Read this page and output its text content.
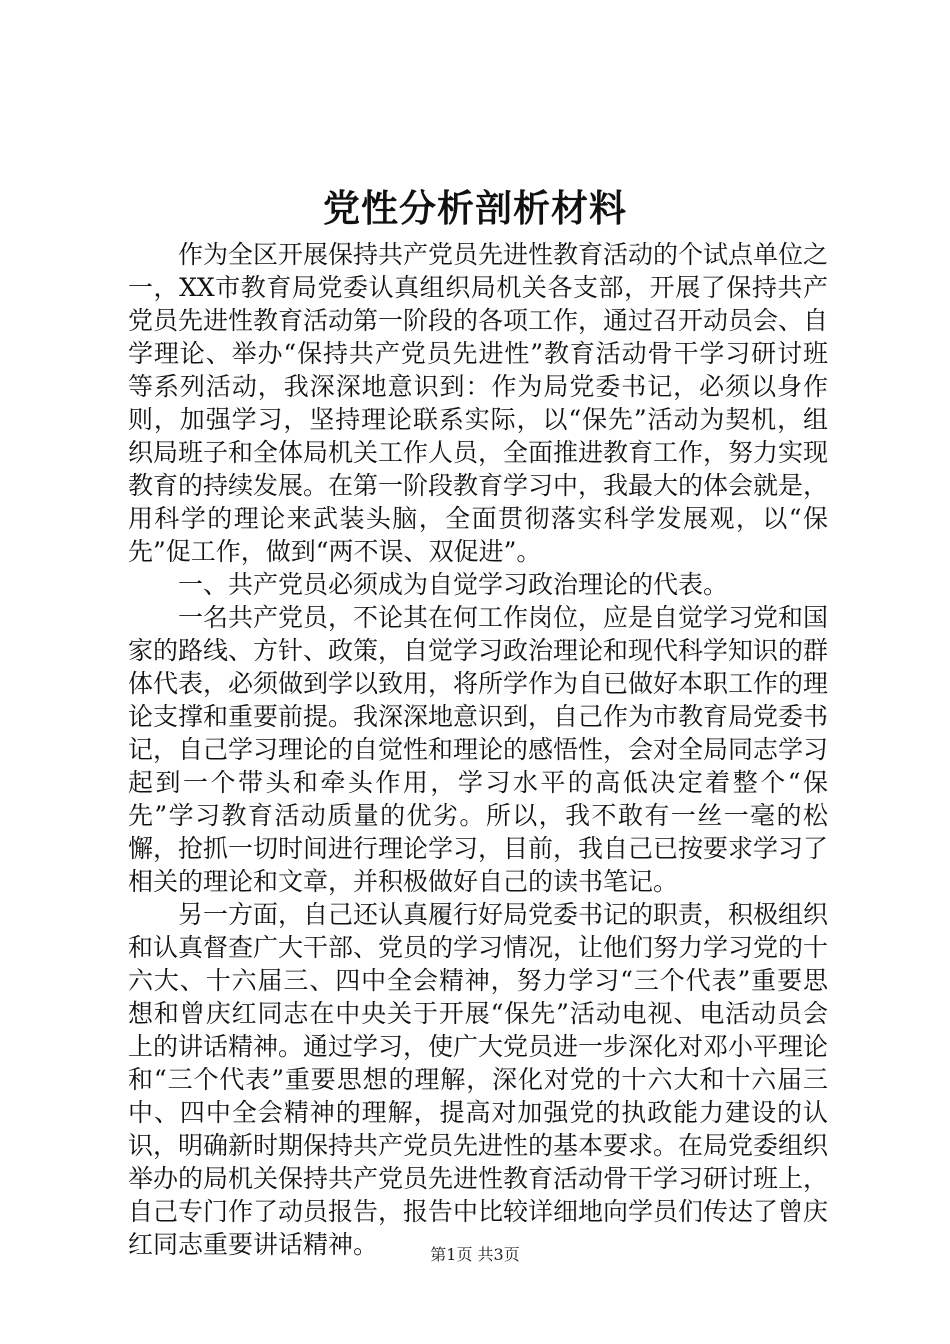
党性分析剖析材料

作为全区开展保持共产党员先进性教育活动的个试点单位之一，XX市教育局党委认真组织局机关各支部，开展了保持共产党员先进性教育活动第一阶段的各项工作，通过召开动员会、自学理论、举办“保持共产党员先进性”教育活动骨干学习研讨班等系列活动，我深深地意识到：作为局党委书记，必须以身作则，加强学习，坚持理论联系实际，以“保先”活动为契机，组织局班子和全体局机关工作人员，全面推进教育工作，努力实现教育的持续发展。在第一阶段教育学习中，我最大的体会就是，用科学的理论来武装头脑，全面贯彻落实科学发展观，以“保先”促工作，做到“两不误、双促进”。

一、共产党员必须成为自觉学习政治理论的代表。

一名共产党员，不论其在何工作岗位，应是自觉学习党和国家的路线、方针、政策，自觉学习政治理论和现代科学知识的群体代表，必须做到学以致用，将所学作为自已做好本职工作的理论支撑和重要前提。我深深地意识到，自己作为市教育局党委书记，自己学习理论的自觉性和理论的感悟性，会对全局同志学习起到一个带头和牵头作用，学习水平的高低决定着整个“保先”学习教育活动质量的优劣。所以，我不敢有一丝一毫的松懈，抢抓一切时间进行理论学习，目前，我自己已按要求学习了相关的理论和文章，并积极做好自己的读书笔记。

另一方面，自己还认真履行好局党委书记的职责，积极组织和认真督查广大干部、党员的学习情况，让他们努力学习党的十六大、十六届三、四中全会精神，努力学习“三个代表”重要思想和曾庆红同志在中央关于开展“保先”活动电视、电活动员会上的讲话精神。通过学习，使广大党员进一步深化对邓小平理论和“三个代表”重要思想的理解，深化对党的十六大和十六届三中、四中全会精神的理解，提高对加强党的执政能力建设的认识，明确新时期保持共产党员先进性的基本要求。在局党委组织举办的局机关保持共产党员先进性教育活动骨干学习研讨班上，自己专门作了动员报告，报告中比较详细地向学员们传达了曾庆红同志重要讲话精神。	第1页 共3页
